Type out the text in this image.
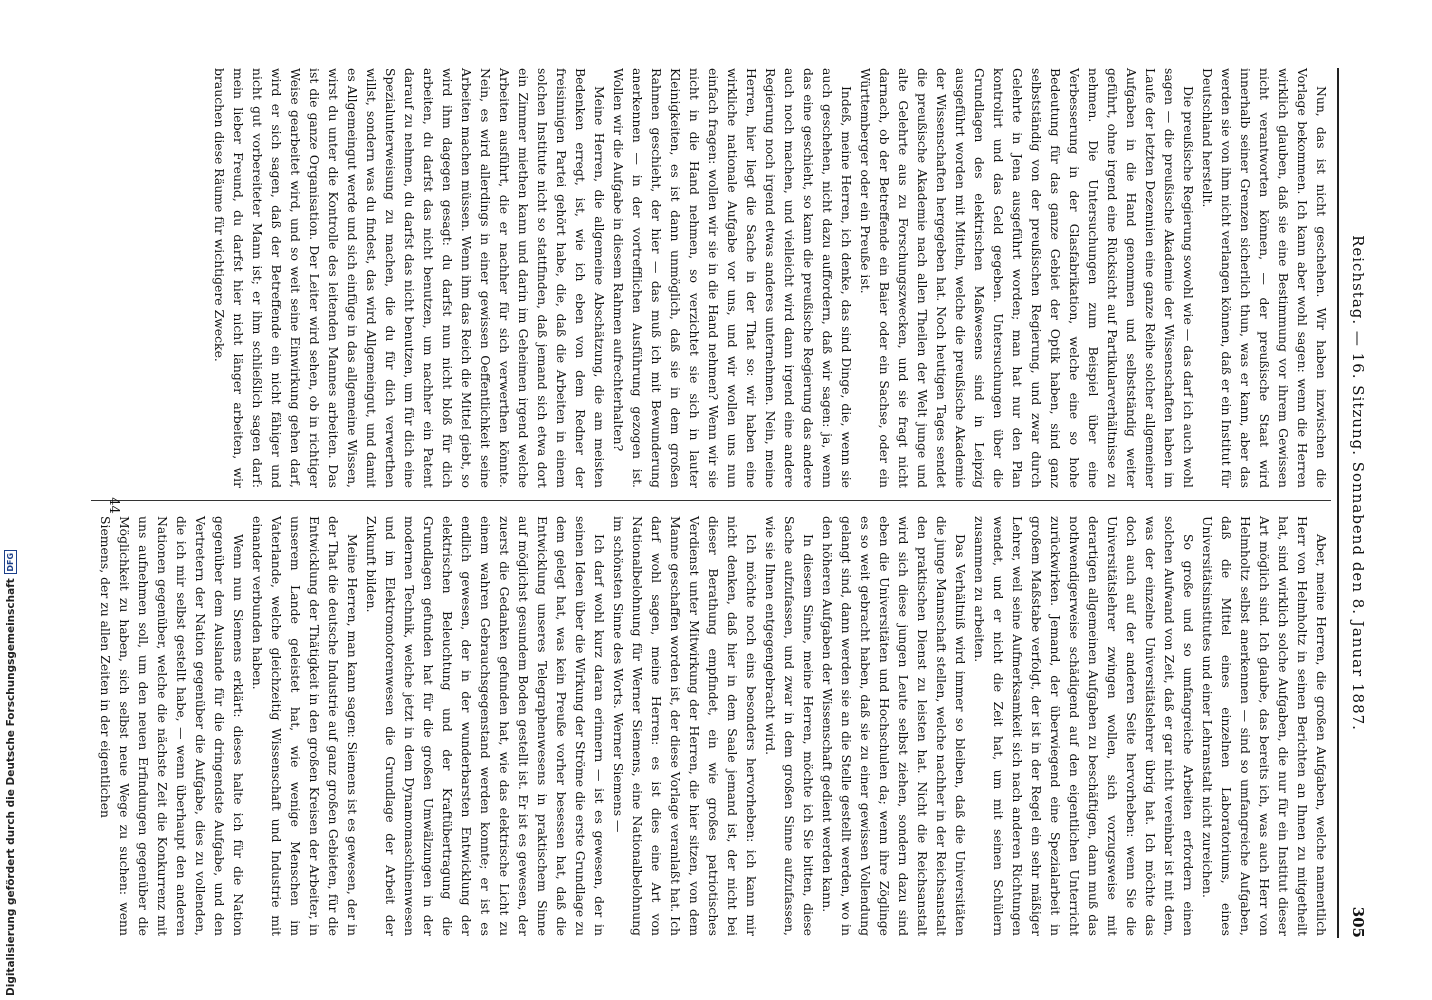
Reichstag. — 16. Sitzung. Sonnabend den 8. Januar 1887.
305

Nun, das ist nicht geschehen. Wir haben inzwischen die Vorlage bekommen. Ich kann aber wohl sagen: wenn die Herren wirklich glauben, daß sie eine Bestimmung vor ihrem Gewissen nicht verantworten können, — der preußische Staat wird innerhalb seiner Grenzen sicherlich thun, was er kann, aber das werden sie von ihm nicht verlangen können, daß er ein Institut für Deutschland herstellt.

Die preußische Regierung sowohl wie — das darf ich auch wohl sagen — die preußische Akademie der Wissenschaften haben im Laufe der letzten Dezennien eine ganze Reihe solcher allgemeiner Aufgaben in die Hand genommen und selbstständig weiter geführt, ohne irgend eine Rücksicht auf Partikularverhältnisse zu nehmen. Die Untersuchungen zum Beispiel über eine Verbesserung in der Glasfabrikation, welche eine so hohe Bedeutung für das ganze Gebiet der Optik haben, sind ganz selbstständig von der preußischen Regierung, und zwar durch Gelehrte in Jena ausgeführt worden; man hat nur den Plan kontrolirt und das Geld gegeben. Untersuchungen über die Grundlagen des elektrischen Maßwesens sind in Leipzig ausgeführt worden mit Mitteln, welche die preußische Akademie der Wissenschaften hergegeben hat. Noch heutigen Tages sendet die preußische Akademie nach allen Theilen der Welt junge und alte Gelehrte aus zu Forschungszwecken, und sie fragt nicht darnach, ob der Betreffende ein Baier oder ein Sachse, oder ein Württemberger oder ein Preuße ist.

Indeß, meine Herren, ich denke, das sind Dinge, die, wenn sie auch geschehen, nicht dazu auffordern, daß wir sagen: ja, wenn das eine geschieht, so kann die preußische Regierung das andere auch noch machen, und vielleicht wird dann irgend eine andere Regierung noch irgend etwas anderes unternehmen. Nein, meine Herren, hier liegt die Sache in der That so: wir haben eine wirkliche nationale Aufgabe vor uns, und wir wollen uns nun einfach fragen: wollen wir sie in die Hand nehmen? Wenn wir sie nicht in die Hand nehmen, so verzichtet sie sich in lauter Kleinigkeiten, es ist dann unmöglich, daß sie in dem großen Rahmen geschieht, der hier — das muß ich mit Bewunderung anerkennen — in der vortrefflichen Ausführung gezogen ist. Wollen wir die Aufgabe in diesem Rahmen aufrechterhalten?

Meine Herren, die allgemeine Abschätzung, die am meisten Bedenken erregt, ist, wie ich eben von dem Redner der freisinnigen Partei gehört habe, die, daß die Arbeiten in einem solchen Institute nicht so stattfinden, daß jemand sich etwa dort ein Zimmer miethen kann und darin im Geheimen irgend welche Arbeiten ausführt, die er nachher für sich verwerthen könnte. Nein, es wird allerdings in einer gewissen Oeffentlichkeit seine Arbeiten machen müssen. Wenn ihm das Reich die Mittel giebt, so wird ihm dagegen gesagt: du darfst nun nicht bloß für dich arbeiten, du darfst das nicht benutzen, um nachher ein Patent darauf zu nehmen, du darfst das nicht benutzen, um für dich eine Spezialunterweisung zu machen, die du für dich verwerthen willst, sondern was du findest, das wird Allgemeingut, und damit es Allgemeingut werde und sich einfüge in das allgemeine Wissen, wirst du unter die Kontrolle des leitenden Mannes arbeiten. Das ist die ganze Organisation. Der Leiter wird sehen, ob in richtiger Weise gearbeitet wird, und so weit seine Einwirkung gehen darf, wird er sich sagen, daß der Betreffende ein nicht fähiger und nicht gut vorbereiteter Mann ist; er ihm schließlich sagen darf: mein lieber Freund, du darfst hier nicht länger arbeiten, wir brauchen diese Räume für wichtigere Zwecke.

Aber, meine Herren, die großen Aufgaben, welche namentlich Herr von Helmholtz in seinen Berichten an Ihnen zu mitgetheilt hat, sind wirklich solche Aufgaben, die nur für ein Institut dieser Art möglich sind. Ich glaube, das bereits ich, was auch Herr von Helmholtz selbst anerkennen — sind so umfangreiche Aufgaben, daß die Mittel eines einzelnen Laboratoriums, eines Universitätsinstitutes und einer Lehranstalt nicht zureichen.

So große und so umfangreiche Arbeiten erfordern einen solchen Aufwand von Zeit, daß er gar nicht vereinbar ist mit dem, was der einzelne Universitätslehrer übrig hat. Ich möchte das doch auch auf der anderen Seite hervorheben: wenn Sie die Universitätslehrer zwingen wollen, sich vorzugsweise mit derartigen allgemeinen Aufgaben zu beschäftigen, dann muß das nothwendigerweise schädigend auf den eigentlichen Unterricht zurückwirken. Jemand, der überwiegend eine Spezialarbeit in großem Maßstabe verfolgt, der ist in der Regel ein sehr mäßiger Lehrer, weil seine Aufmerksamkeit sich nach anderen Richtungen wendet, und er nicht die Zeit hat, um mit seinen Schülern zusammen zu arbeiten.

Das Verhältniß wird immer so bleiben, daß die Universitäten die junge Mannschaft stellen, welche nachher in der Reichsanstalt den praktischen Dienst zu leisten hat. Nicht die Reichsanstalt wird sich diese jungen Leute selbst ziehen, sondern dazu sind eben die Universitäten und Hochschulen da; wenn ihre Zöglinge es so weit gebracht haben, daß sie zu einer gewissen Vollendung gelangt sind, dann werden sie an die Stelle gestellt werden, wo in den höheren Aufgaben der Wissenschaft gedient werden kann.

In diesem Sinne, meine Herren, möchte ich Sie bitten, diese Sache aufzufassen, und zwar in dem großen Sinne aufzufassen, wie sie Ihnen entgegengebracht wird.

Ich möchte noch eins besonders hervorheben: ich kann mir nicht denken, daß hier in dem Saale jemand ist, der nicht bei dieser Berathung empfindet, ein wie großes patriotisches Verdienst unter Mitwirkung der Herren, die hier sitzen, von dem Manne geschaffen worden ist, der diese Vorlage veranlaßt hat. Ich darf wohl sagen, meine Herren: es ist dies eine Art von Nationalbelohnung für Werner Siemens, eine Nationalbelohnung im schönsten Sinne des Worts. Werner Siemens —

Ich darf wohl kurz daran erinnern — ist es gewesen, der in seinen Ideen über die Wirkung der Ströme die erste Grundlage zu dem gelegt hat, was kein Preuße vorher besessen hat, daß die Entwicklung unseres Telegraphenwesens in praktischem Sinne auf möglichst gesundem Boden gestellt ist. Er ist es gewesen, der zuerst die Gedanken gefunden hat, wie das elektrische Licht zu einem wahren Gebrauchsgegenstand werden konnte; er ist es endlich gewesen, der in der wunderbarsten Entwicklung der elektrischen Beleuchtung und der Kraftübertragung die Grundlagen gefunden hat für die großen Umwälzungen in der modernen Technik, welche jetzt in dem Dynamomaschinenwesen und im Elektromotorenwesen die Grundlage der Arbeit der Zukunft bilden.

Meine Herren, man kann sagen: Siemens ist es gewesen, der in der That die deutsche Industrie auf ganz großen Gebieten, für die Entwicklung der Thätigkeit in den großen Kreisen der Arbeiter, in unserem Lande geleistet hat, wie wenige Menschen im Vaterlande, welche gleichzeitig Wissenschaft und Industrie mit einander verbunden haben.

Wenn nun Siemens erklärt: dieses halte ich für die Nation gegenüber dem Auslande für die dringendste Aufgabe, und den Vertretern der Nation gegenüber die Aufgabe, dies zu vollenden, die ich mir selbst gestellt habe, — wenn überhaupt den anderen Nationen gegenüber, welche die nächste Zeit die Konkurrenz mit uns aufnehmen soll, um den neuen Erfindungen gegenüber die Möglichkeit zu haben, sich selbst neue Wege zu suchen: wenn Siemens, der zu allen Zeiten in der eigentlichen

44
Digitalisierung gefördert durch die Deutsche Forschungsgemeinschaft
DFG
